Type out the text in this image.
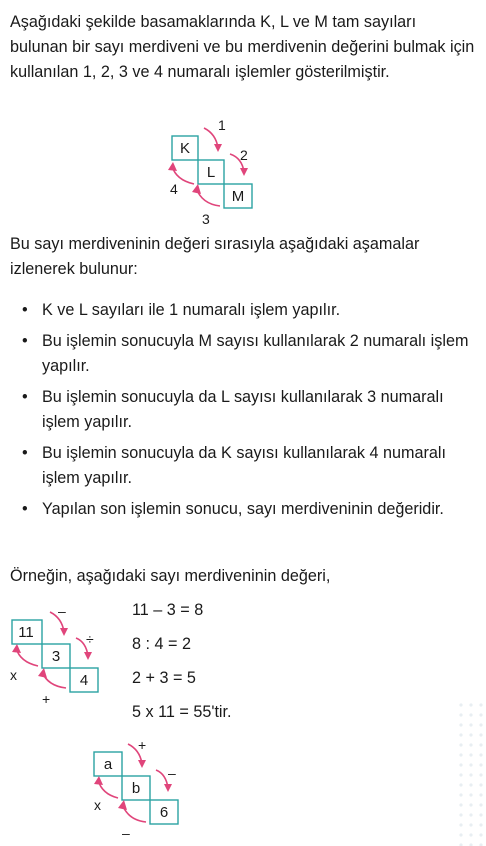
Aşağıdaki şekilde basamaklarında K, L ve M tam sayıları bulunan bir sayı merdiveni ve bu merdivenin değerini bulmak için kullanılan 1, 2, 3 ve 4 numaralı işlemler gösterilmiştir.

K
L
M
1
2
3
4

Bu sayı merdiveninin değeri sırasıyla aşağıdaki aşamalar izlenerek bulunur:

• K ve L sayıları ile 1 numaralı işlem yapılır.
• Bu işlemin sonucuyla M sayısı kullanılarak 2 numaralı işlem yapılır.
• Bu işlemin sonucuyla da L sayısı kullanılarak 3 numaralı işlem yapılır.
• Bu işlemin sonucuyla da K sayısı kullanılarak 4 numaralı işlem yapılır.
• Yapılan son işlemin sonucu, sayı merdiveninin değeridir.

Örneğin, aşağıdaki sayı merdiveninin değeri,

11
3
4
–
÷
+
x
11 – 3 = 8
8 : 4 = 2
2 + 3 = 5
5 x 11 = 55'tir.
a
b
6
+
–
–
x
